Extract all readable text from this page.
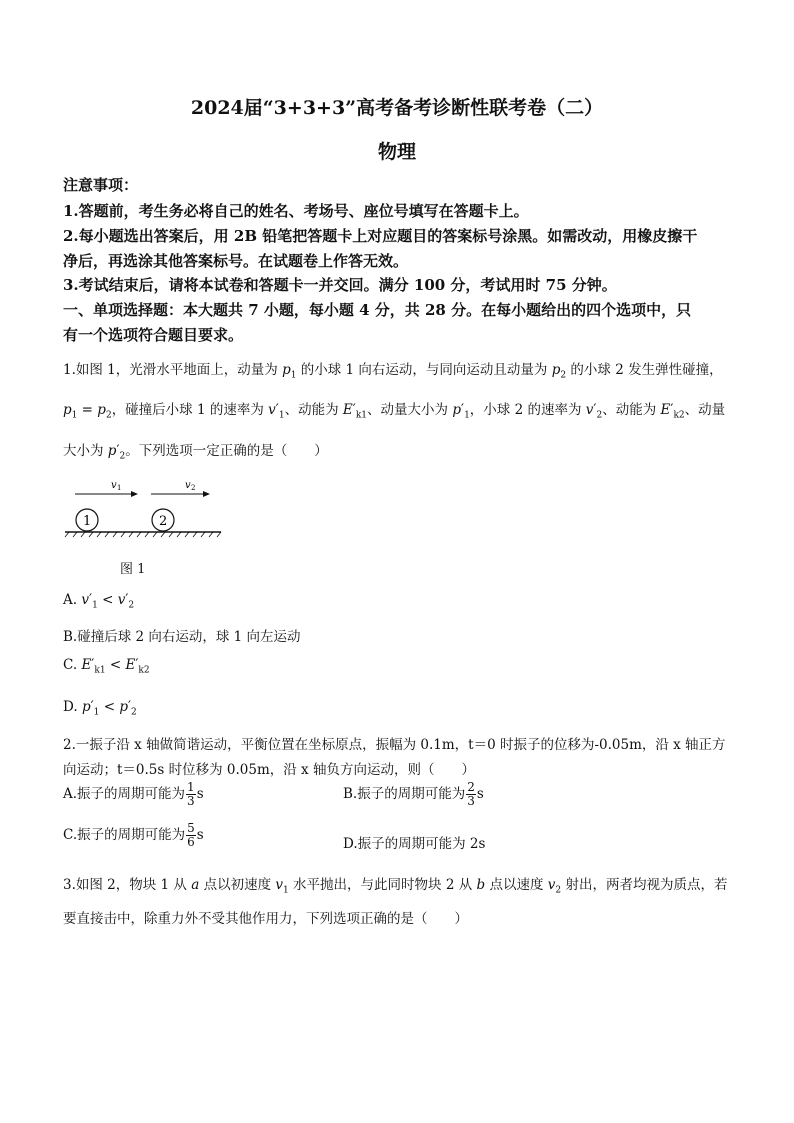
2024届“3+3+3”高考备考诊断性联考卷（二）
物理
注意事项：
1.答题前，考生务必将自己的姓名、考场号、座位号填写在答题卡上。
2.每小题选出答案后，用 2B 铅笔把答题卡上对应题目的答案标号涂黑。如需改动，用橡皮擦干
净后，再选涂其他答案标号。在试题卷上作答无效。
3.考试结束后，请将本试卷和答题卡一并交回。满分 100 分，考试用时 75 分钟。
一、单项选择题：本大题共 7 小题，每小题 4 分，共 28 分。在每小题给出的四个选项中，只
有一个选项符合题目要求。
1.如图 1，光滑水平地面上，动量为 $p_1$ 的小球 1 向右运动，与同向运动且动量为 $p_2$ 的小球 2 发生弹性碰撞，
$p_1 = p_2$，碰撞后小球 1 的速率为 $v'_1$、动能为 $E'_{k1}$、动量大小为 $p'_1$，小球 2 的速率为 $v'_2$、动能为 $E'_{k2}$、动量
大小为 $p'_2$。下列选项一定正确的是（　　）
v 1	v 2
1	2
图 1
A. $v'_1 < v'_2$
B.碰撞后球 2 向右运动，球 1 向左运动
C. $E'_{k1} < E'_{k2}$
D. $p'_1 < p'_2$
2.一振子沿 x 轴做简谐运动，平衡位置在坐标原点，振幅为 0.1m，t＝0 时振子的位移为-0.05m，沿 x 轴正方
向运动；t＝0.5s 时位移为 0.05m，沿 x 轴负方向运动，则（　　）
A.振子的周期可能为 $\frac{1}{3}$ s	B.振子的周期可能为 $\frac{2}{3}$ s
C.振子的周期可能为 $\frac{5}{6}$ s
D.振子的周期可能为 2s
3.如图 2，物块 1 从 a 点以初速度 $v_1$ 水平抛出，与此同时物块 2 从 b 点以速度 $v_2$ 射出，两者均视为质点，若
要直接击中，除重力外不受其他作用力，下列选项正确的是（　　）
